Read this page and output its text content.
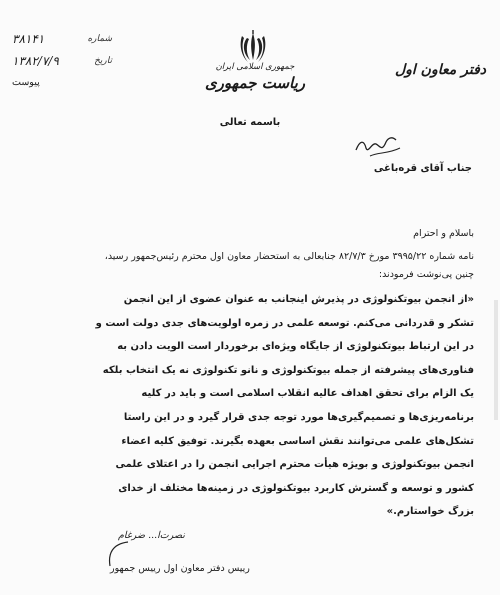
۳۸۱۴۱	شماره
۱۳۸۲/۷/۹	تاریخ
پیوست
جمهوری اسلامی ایران
ریاست جمهوری
دفتر معاون اول
باسمه تعالی
جناب آقای قره‌باغی
باسلام و احترام
نامه شماره ۳۹۹۵/۲۲ مورخ ۸۲/۷/۳ جنابعالی به استحضار معاون اول محترم رئیس‌جمهور رسید،
چنین پی‌نوشت فرمودند:

«از انجمن بیوتکنولوژی در پذیرش اینجانب به عنوان عضوی از این انجمن

تشکر و قدردانی می‌کنم. توسعه علمی در زمره اولویت‌های جدی دولت است و

در این ارتباط بیوتکنولوژی از جایگاه ویژه‌ای برخوردار است الویت دادن به

فناوری‌های پیشرفته از جمله بیوتکنولوژی و نانو تکنولوژی نه یک انتخاب بلکه

یک الزام برای تحقق اهداف عالیه انقلاب اسلامی است و باید در کلیه

برنامه‌ریزی‌ها و تصمیم‌گیری‌ها مورد توجه جدی قرار گیرد و در این راستا

تشکل‌های علمی می‌توانند نقش اساسی بعهده بگیرند. توفیق کلیه اعضاء

انجمن بیوتکنولوژی و بویژه هیأت محترم اجرایی انجمن را در اعتلای علمی

کشور و توسعه و گسترش کاربرد بیوتکنولوژی در زمینه‌ها مختلف از خدای

بزرگ خواستارم.»

نصرت‌ا... ضرغام
رییس دفتر معاون اول رییس جمهور
